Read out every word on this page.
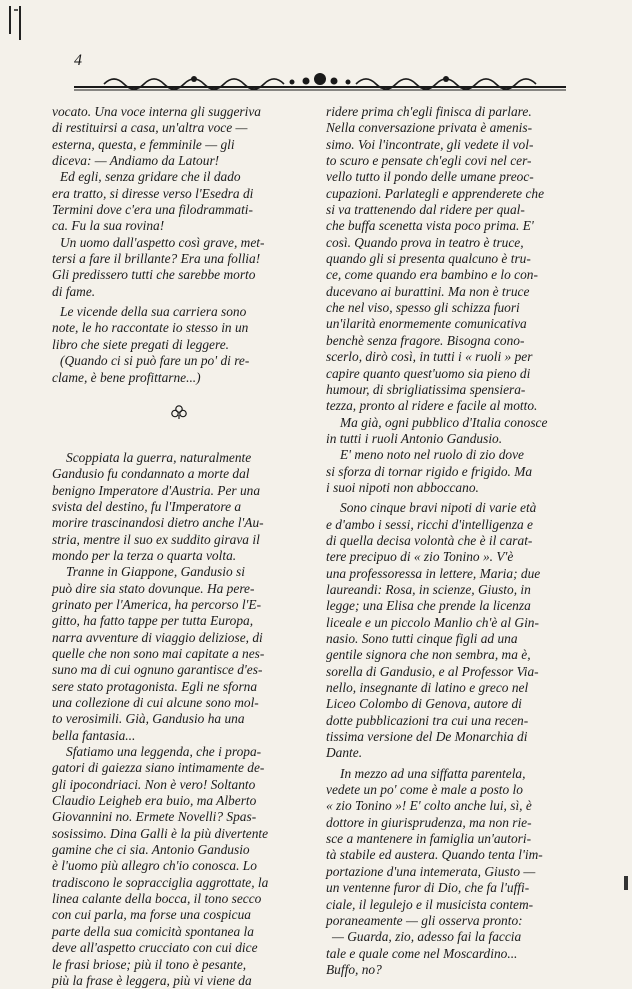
4

vocato. Una voce interna gli suggeriva
di restituirsi a casa, un'altra voce —
esterna, questa, e femminile — gli
diceva: — Andiamo da Latour!

Ed egli, senza gridare che il dado
era tratto, si diresse verso l'Esedra di
Termini dove c'era una filodrammati-
ca. Fu la sua rovina!

Un uomo dall'aspetto così grave, met-
tersi a fare il brillante? Era una follia!
Gli predissero tutti che sarebbe morto
di fame.

Le vicende della sua carriera sono
note, le ho raccontate io stesso in un
libro che siete pregati di leggere.

(Quando ci si può fare un po' di re-
clame, è bene profittarne...)

Scoppiata la guerra, naturalmente
Gandusio fu condannato a morte dal
benigno Imperatore d'Austria. Per una
svista del destino, fu l'Imperatore a
morire trascinandosi dietro anche l'Au-
stria, mentre il suo ex suddito girava il
mondo per la terza o quarta volta.

Tranne in Giappone, Gandusio si
può dire sia stato dovunque. Ha pere-
grinato per l'America, ha percorso l'E-
gitto, ha fatto tappe per tutta Europa,
narra avventure di viaggio deliziose, di
quelle che non sono mai capitate a nes-
suno ma di cui ognuno garantisce d'es-
sere stato protagonista. Egli ne sforna
una collezione di cui alcune sono mol-
to verosimili. Già, Gandusio ha una
bella fantasia...

Sfatiamo una leggenda, che i propa-
gatori di gaiezza siano intimamente de-
gli ipocondriaci. Non è vero! Soltanto
Claudio Leigheb era buio, ma Alberto
Giovannini no. Ermete Novelli? Spas-
sosissimo. Dina Galli è la più divertente
gamine che ci sia. Antonio Gandusio
è l'uomo più allegro ch'io conosca. Lo
tradiscono le sopracciglia aggrottate, la
linea calante della bocca, il tono secco
con cui parla, ma forse una cospicua
parte della sua comicità spontanea la
deve all'aspetto crucciato con cui dice
le frasi briose; più il tono è pesante,
più la frase è leggera, più vi viene da

ridere prima ch'egli finisca di parlare.
Nella conversazione privata è amenis-
simo. Voi l'incontrate, gli vedete il vol-
to scuro e pensate ch'egli covi nel cer-
vello tutto il pondo delle umane preoc-
cupazioni. Parlategli e apprenderete che
si va trattenendo dal ridere per qual-
che buffa scenetta vista poco prima. E'
così. Quando prova in teatro è truce,
quando gli si presenta qualcuno è tru-
ce, come quando era bambino e lo con-
ducevano ai burattini. Ma non è truce
che nel viso, spesso gli schizza fuori
un'ilarità enormemente comunicativa
benchè senza fragore. Bisogna cono-
scerlo, dirò così, in tutti i « ruoli » per
capire quanto quest'uomo sia pieno di
humour, di sbrigliatissima spensiera-
tezza, pronto al ridere e facile al motto.

Ma già, ogni pubblico d'Italia conosce
in tutti i ruoli Antonio Gandusio.

E' meno noto nel ruolo di zio dove
si sforza di tornar rigido e frigido. Ma
i suoi nipoti non abboccano.

Sono cinque bravi nipoti di varie età
e d'ambo i sessi, ricchi d'intelligenza e
di quella decisa volontà che è il carat-
tere precipuo di « zio Tonino ». V'è
una professoressa in lettere, Maria; due
laureandi: Rosa, in scienze, Giusto, in
legge; una Elisa che prende la licenza
liceale e un piccolo Manlio ch'è al Gin-
nasio. Sono tutti cinque figli ad una
gentile signora che non sembra, ma è,
sorella di Gandusio, e al Professor Via-
nello, insegnante di latino e greco nel
Liceo Colombo di Genova, autore di
dotte pubblicazioni tra cui una recen-
tissima versione del De Monarchia di
Dante.

In mezzo ad una siffatta parentela,
vedete un po' come è male a posto lo
« zio Tonino »! E' colto anche lui, sì, è
dottore in giurisprudenza, ma non rie-
sce a mantenere in famiglia un'autori-
tà stabile ed austera. Quando tenta l'im-
portazione d'una intemerata, Giusto —
un ventenne furor di Dio, che fa l'uffi-
ciale, il legulejo e il musicista contem-
poraneamente — gli osserva pronto:

— Guarda, zio, adesso fai la faccia
tale e quale come nel Moscardino...
Buffo, no?
